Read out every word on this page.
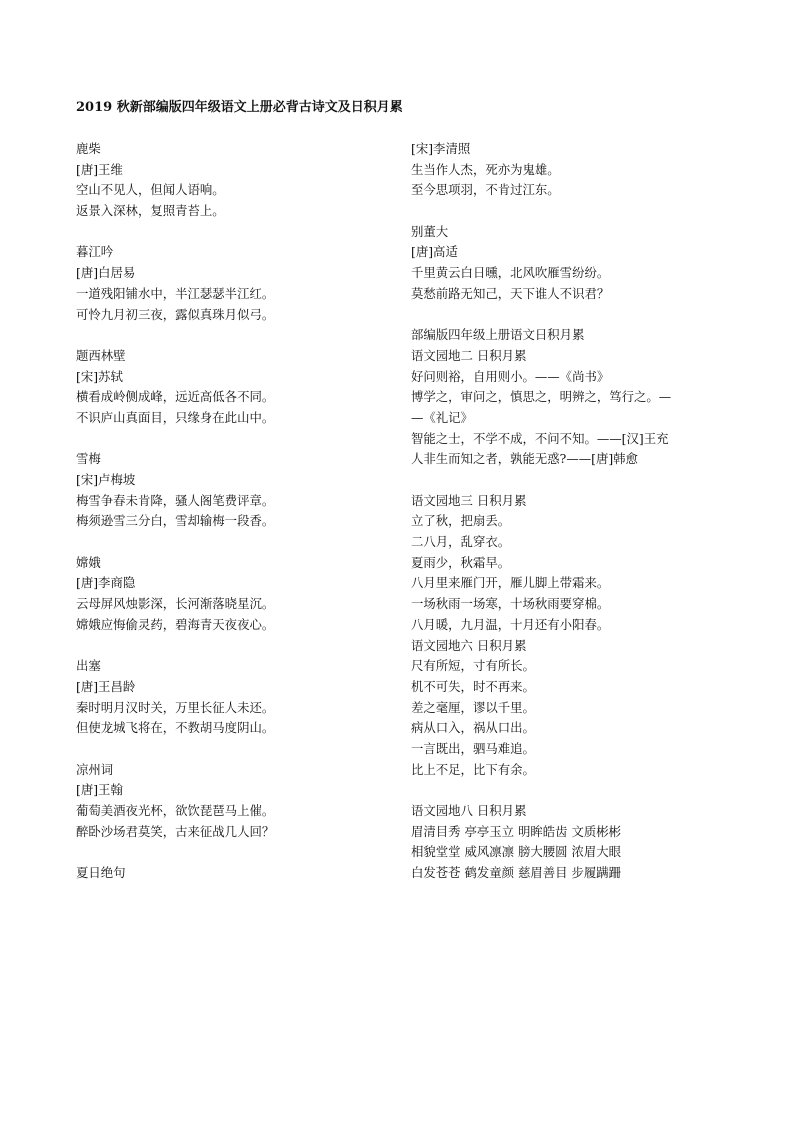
2019 秋新部编版四年级语文上册必背古诗文及日积月累
鹿柴
[唐]王维
空山不见人，但闻人语响。
返景入深林，复照青苔上。
暮江吟
[唐]白居易
一道残阳铺水中，半江瑟瑟半江红。
可怜九月初三夜，露似真珠月似弓。
题西林壁
[宋]苏轼
横看成岭侧成峰，远近高低各不同。
不识庐山真面目，只缘身在此山中。
雪梅
[宋]卢梅坡
梅雪争春未肯降，骚人阁笔费评章。
梅须逊雪三分白，雪却输梅一段香。
嫦娥
[唐]李商隐
云母屏风烛影深，长河渐落晓星沉。
嫦娥应悔偷灵药，碧海青天夜夜心。
出塞
[唐]王昌龄
秦时明月汉时关，万里长征人未还。
但使龙城飞将在，不教胡马度阴山。
凉州词
[唐]王翰
葡萄美酒夜光杯，欲饮琵琶马上催。
醉卧沙场君莫笑，古来征战几人回？
夏日绝句
[宋]李清照
生当作人杰，死亦为鬼雄。
至今思项羽，不肯过江东。
别董大
[唐]高适
千里黄云白日曛，北风吹雁雪纷纷。
莫愁前路无知己，天下谁人不识君？
部编版四年级上册语文日积月累
语文园地二 日积月累
好问则裕，自用则小。——《尚书》
博学之，审问之，慎思之，明辨之，笃行之。—
—《礼记》
智能之士，不学不成，不问不知。——[汉]王充
人非生而知之者，孰能无惑?——[唐]韩愈
语文园地三 日积月累
立了秋，把扇丢。
二八月，乱穿衣。
夏雨少，秋霜早。
八月里来雁门开，雁儿脚上带霜来。
一场秋雨一场寒，十场秋雨要穿棉。
八月暖，九月温，十月还有小阳春。
语文园地六 日积月累
尺有所短，寸有所长。
机不可失，时不再来。
差之毫厘，谬以千里。
病从口入，祸从口出。
一言既出，驷马难追。
比上不足，比下有余。
语文园地八 日积月累
眉清目秀 亭亭玉立 明眸皓齿 文质彬彬
相貌堂堂 威风凛凛 膀大腰圆 浓眉大眼
白发苍苍 鹤发童颜 慈眉善目 步履蹒跚
